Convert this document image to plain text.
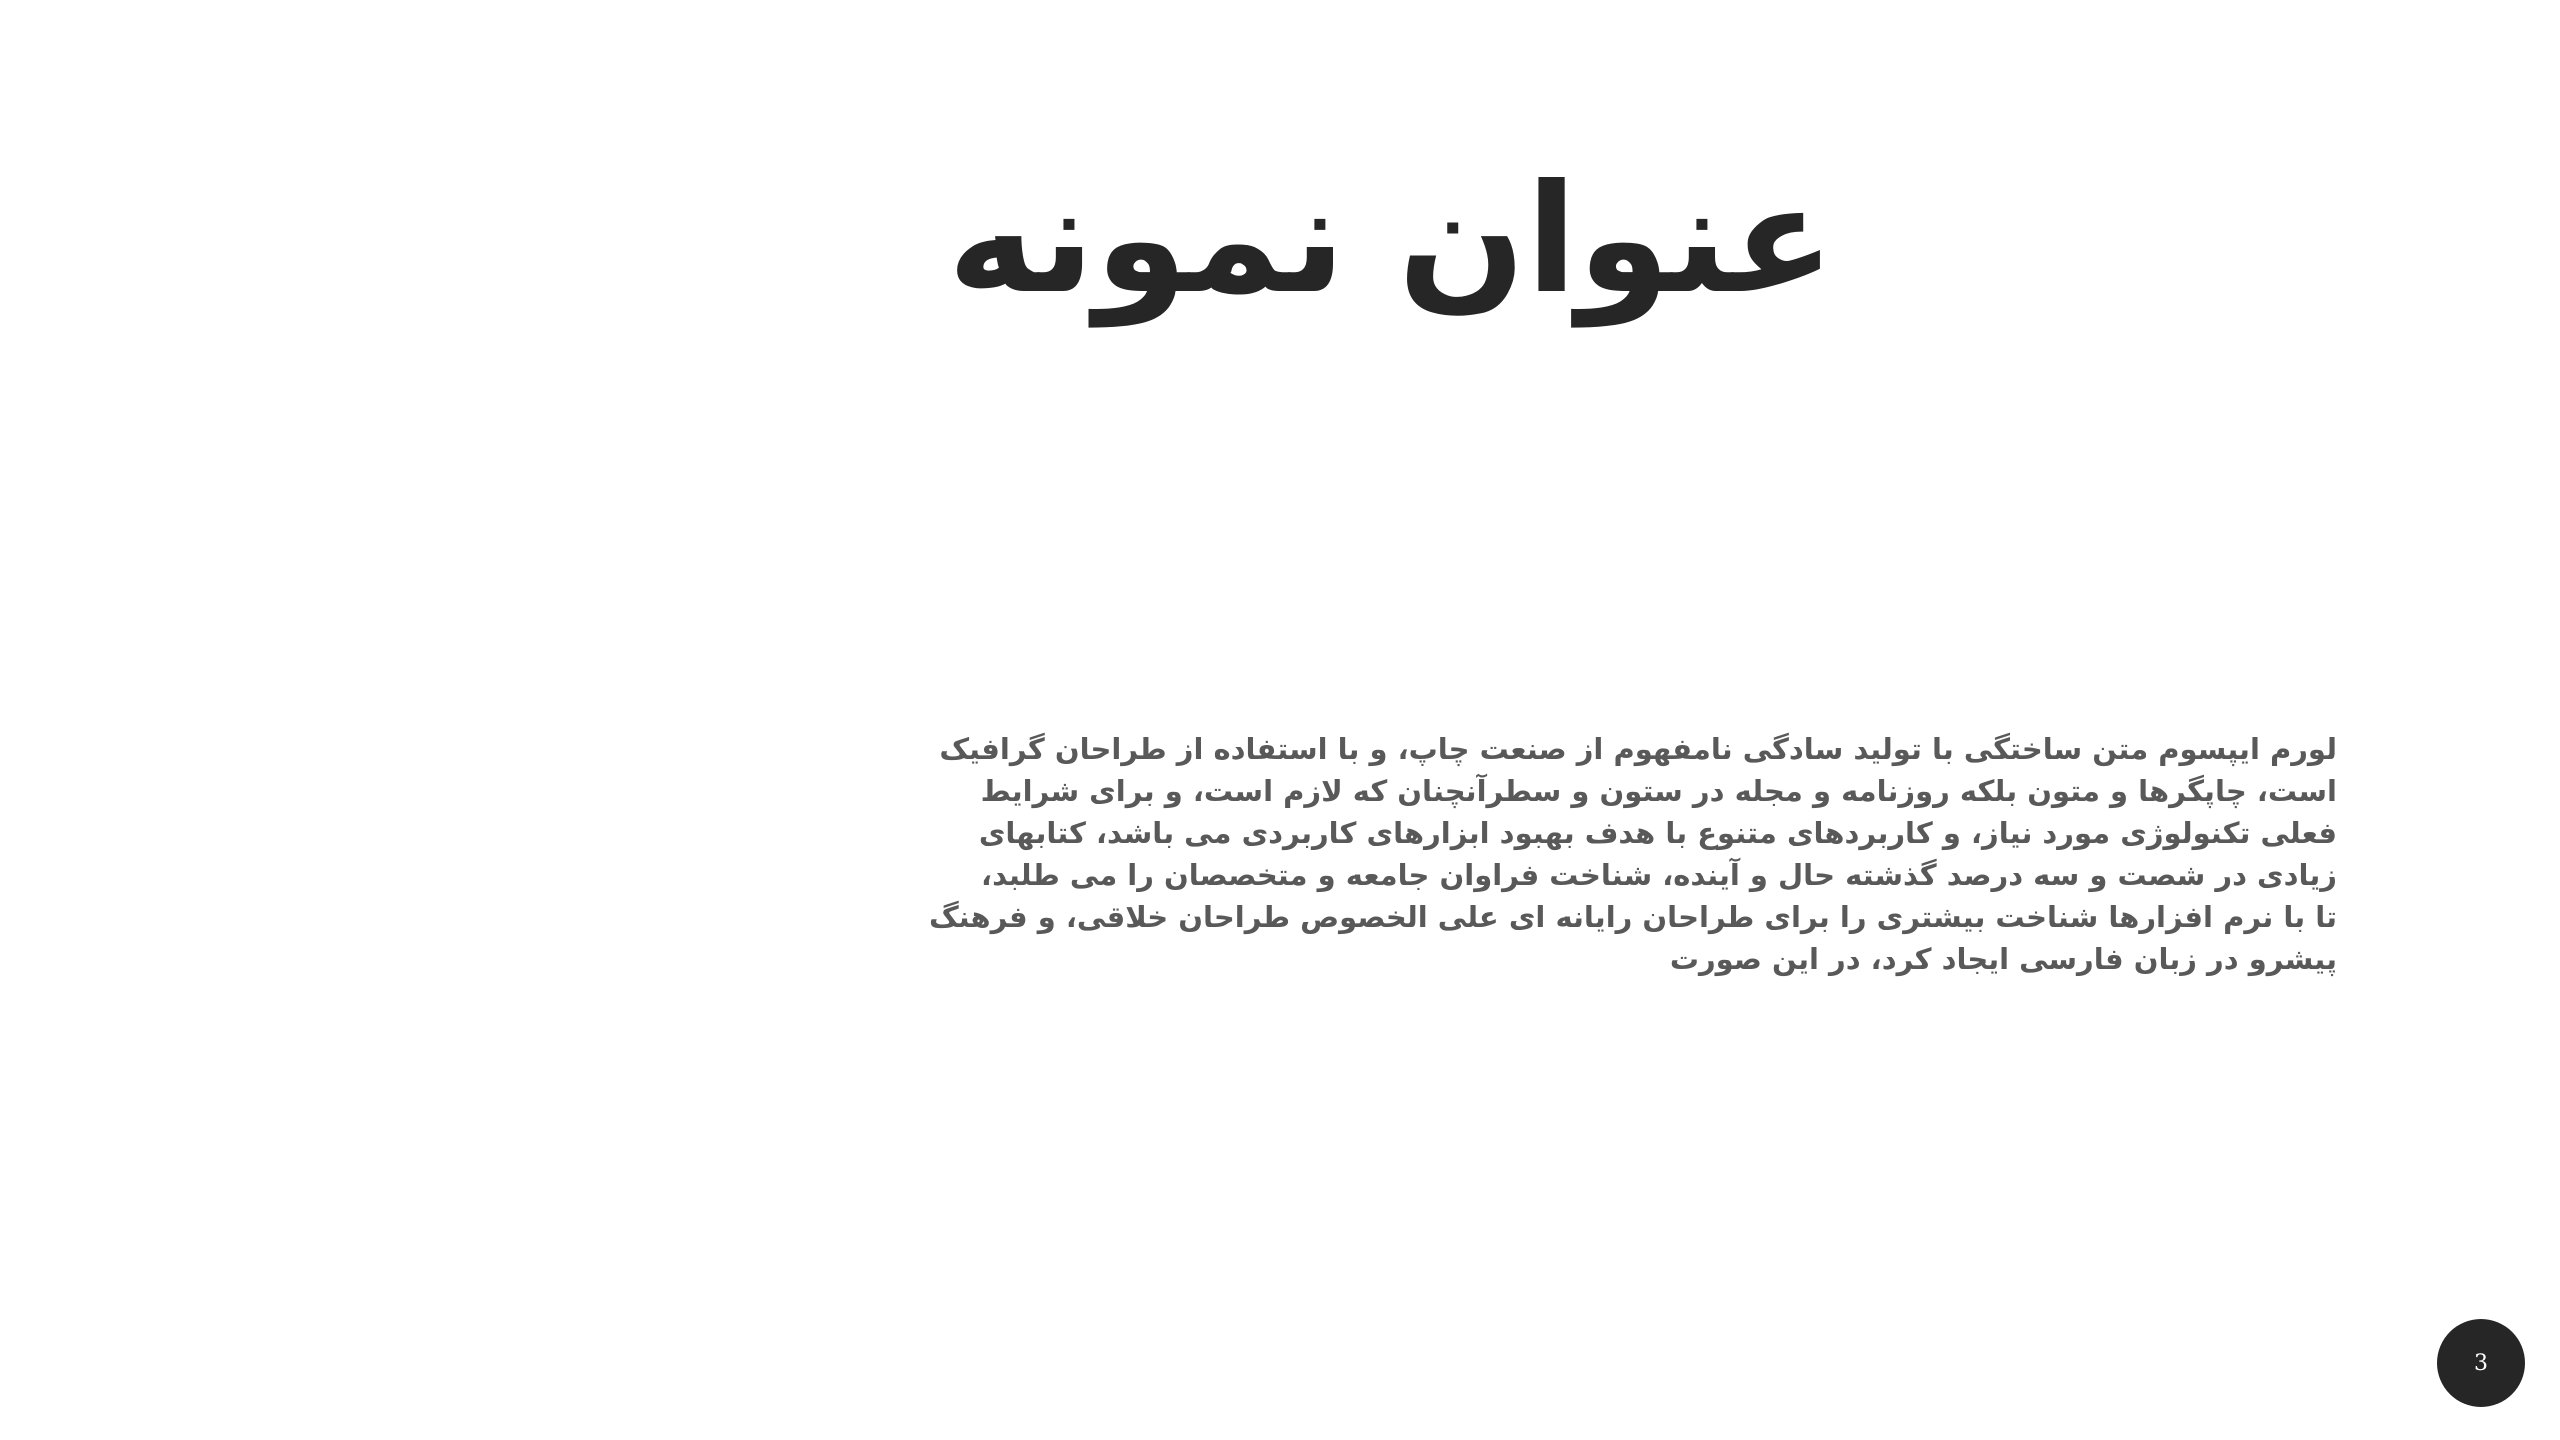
عنوان نمونه
لورم ایپسوم متن ساختگی با تولید سادگی نامفهوم از صنعت چاپ، و با استفاده از طراحان گرافیک
است، چاپگرها و متون بلکه روزنامه و مجله در ستون و سطرآنچنان که لازم است، و برای شرایط
فعلی تکنولوژی مورد نیاز، و کاربردهای متنوع با هدف بهبود ابزارهای کاربردی می باشد، کتابهای
زیادی در شصت و سه درصد گذشته حال و آینده، شناخت فراوان جامعه و متخصصان را می طلبد،
تا با نرم افزارها شناخت بیشتری را برای طراحان رایانه ای علی الخصوص طراحان خلاقی، و فرهنگ
پیشرو در زبان فارسی ایجاد کرد، در این صورت
3
